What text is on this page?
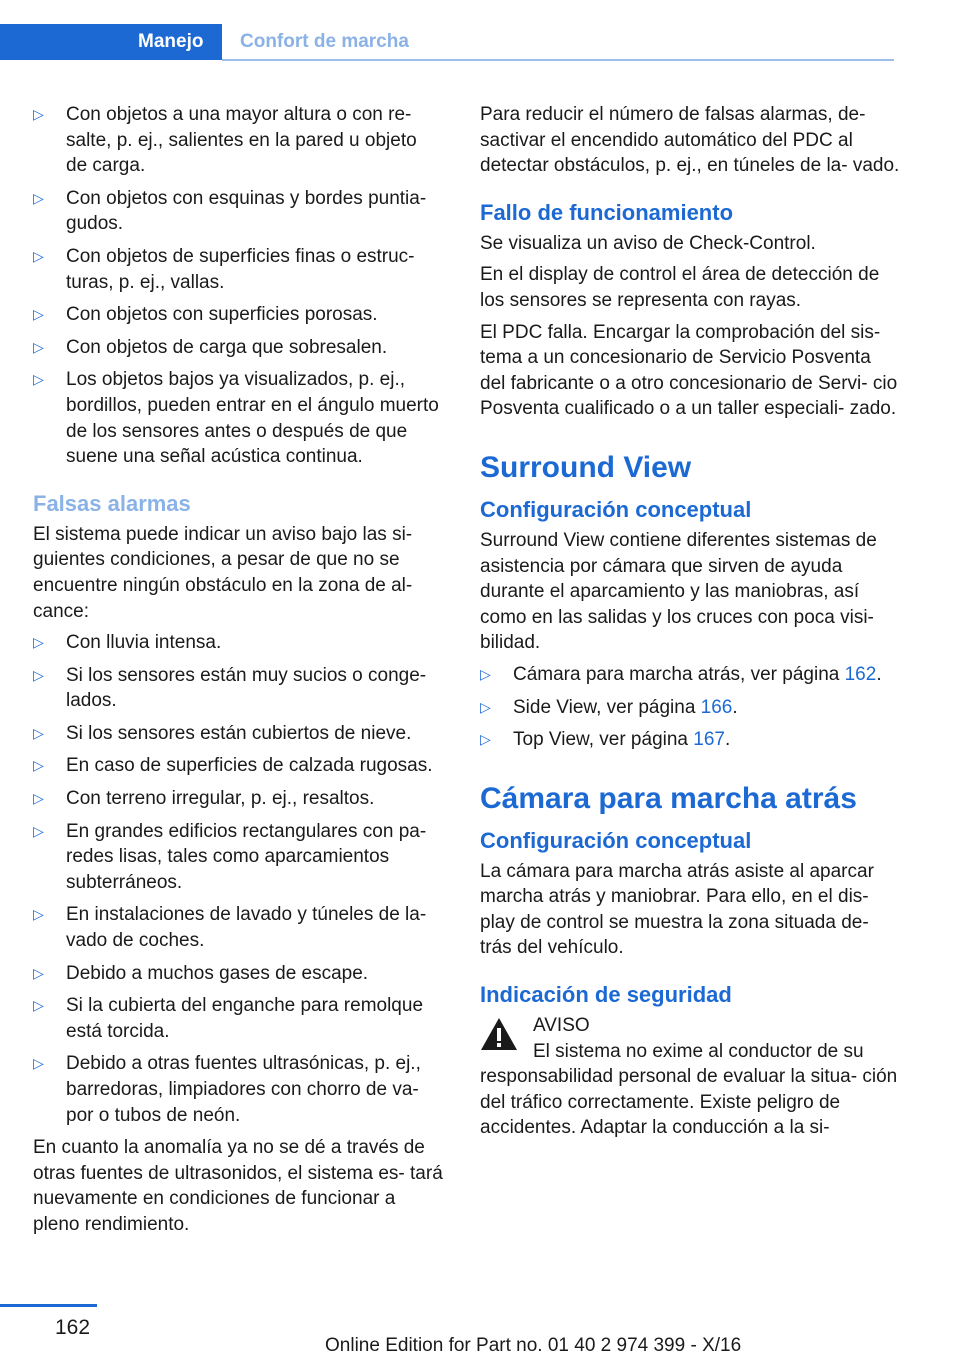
Manejo Confort de marcha
▷ Con objetos a una mayor altura o con re‐ salte, p. ej., salientes en la pared u objeto de carga.
▷ Con objetos con esquinas y bordes puntia‐ gudos.
▷ Con objetos de superficies finas o estruc‐ turas, p. ej., vallas.
▷ Con objetos con superficies porosas.
▷ Con objetos de carga que sobresalen.
▷ Los objetos bajos ya visualizados, p. ej., bordillos, pueden entrar en el ángulo muerto de los sensores antes o después de que suene una señal acústica continua.
Falsas alarmas

El sistema puede indicar un aviso bajo las si‐ guientes condiciones, a pesar de que no se encuentre ningún obstáculo en la zona de al‐ cance:

▷ Con lluvia intensa.
▷ Si los sensores están muy sucios o conge‐ lados.
▷ Si los sensores están cubiertos de nieve.
▷ En caso de superficies de calzada rugosas.
▷ Con terreno irregular, p. ej., resaltos.
▷ En grandes edificios rectangulares con pa‐ redes lisas, tales como aparcamientos subterráneos.
▷ En instalaciones de lavado y túneles de la‐ vado de coches.
▷ Debido a muchos gases de escape.
▷ Si la cubierta del enganche para remolque está torcida.
▷ Debido a otras fuentes ultrasónicas, p. ej., barredoras, limpiadores con chorro de va‐ por o tubos de neón.

En cuanto la anomalía ya no se dé a través de otras fuentes de ultrasonidos, el sistema es‐ tará nuevamente en condiciones de funcionar a pleno rendimiento.

Para reducir el número de falsas alarmas, de‐ sactivar el encendido automático del PDC al detectar obstáculos, p. ej., en túneles de la‐ vado.

Fallo de funcionamiento

Se visualiza un aviso de Check-Control.

En el display de control el área de detección de los sensores se representa con rayas.

El PDC falla. Encargar la comprobación del sis‐ tema a un concesionario de Servicio Posventa del fabricante o a otro concesionario de Servi‐ cio Posventa cualificado o a un taller especiali‐ zado.

Surround View
Configuración conceptual

Surround View contiene diferentes sistemas de asistencia por cámara que sirven de ayuda durante el aparcamiento y las maniobras, así como en las salidas y los cruces con poca visi‐ bilidad.

▷ Cámara para marcha atrás, ver página 162.
▷ Side View, ver página 166.
▷ Top View, ver página 167.
Cámara para marcha atrás
Configuración conceptual

La cámara para marcha atrás asiste al aparcar marcha atrás y maniobrar. Para ello, en el dis‐ play de control se muestra la zona situada de‐ trás del vehículo.

Indicación de seguridad
AVISO
El sistema no exime al conductor de su
responsabilidad personal de evaluar la situa‐ ción del tráfico correctamente. Existe peligro de accidentes. Adaptar la conducción a la si‐
162
Online Edition for Part no. 01 40 2 974 399 - X/16
